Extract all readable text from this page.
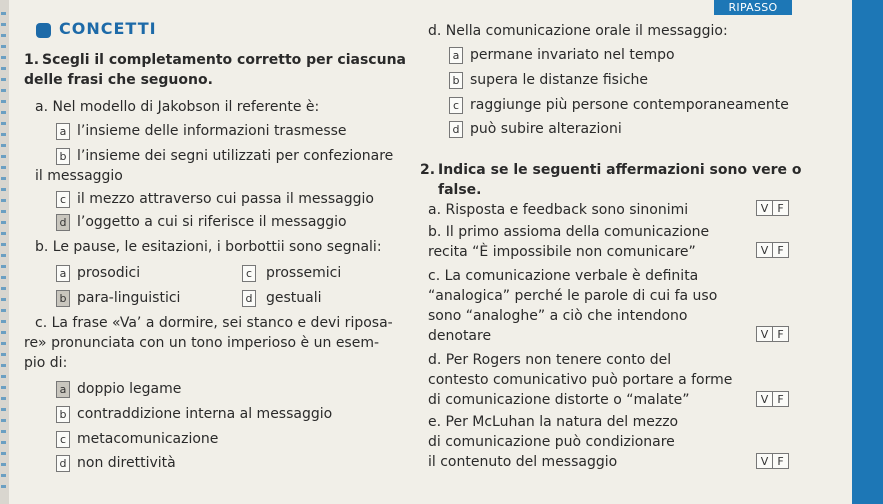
RIPASSO
CONCETTI
1. Scegli il completamento corretto per ciascuna
delle frasi che seguono.
a. Nel modello di Jakobson il referente è:
a l’insieme delle informazioni trasmesse
b l’insieme dei segni utilizzati per confezionare
il messaggio
c il mezzo attraverso cui passa il messaggio
d l’oggetto a cui si riferisce il messaggio
b. Le pause, le esitazioni, i borbottii sono segnali:
a prosodici	c prossemici
b para-linguistici	d gestuali
c. La frase «Va’ a dormire, sei stanco e devi riposa-
re» pronunciata con un tono imperioso è un esem-
pio di:
a doppio legame
b contraddizione interna al messaggio
c metacomunicazione
d non direttività
d. Nella comunicazione orale il messaggio:
a permane invariato nel tempo
b supera le distanze fisiche
c raggiunge più persone contemporaneamente
d può subire alterazioni
2. Indica se le seguenti affermazioni sono vere o
false.
a. Risposta e feedback sono sinonimi	V F
b. Il primo assioma della comunicazione
recita “È impossibile non comunicare”	V F
c. La comunicazione verbale è definita
“analogica” perché le parole di cui fa uso
sono “analoghe” a ciò che intendono
denotare	V F
d. Per Rogers non tenere conto del
contesto comunicativo può portare a forme
di comunicazione distorte o “malate”	V F
e. Per McLuhan la natura del mezzo
di comunicazione può condizionare
il contenuto del messaggio	V F
